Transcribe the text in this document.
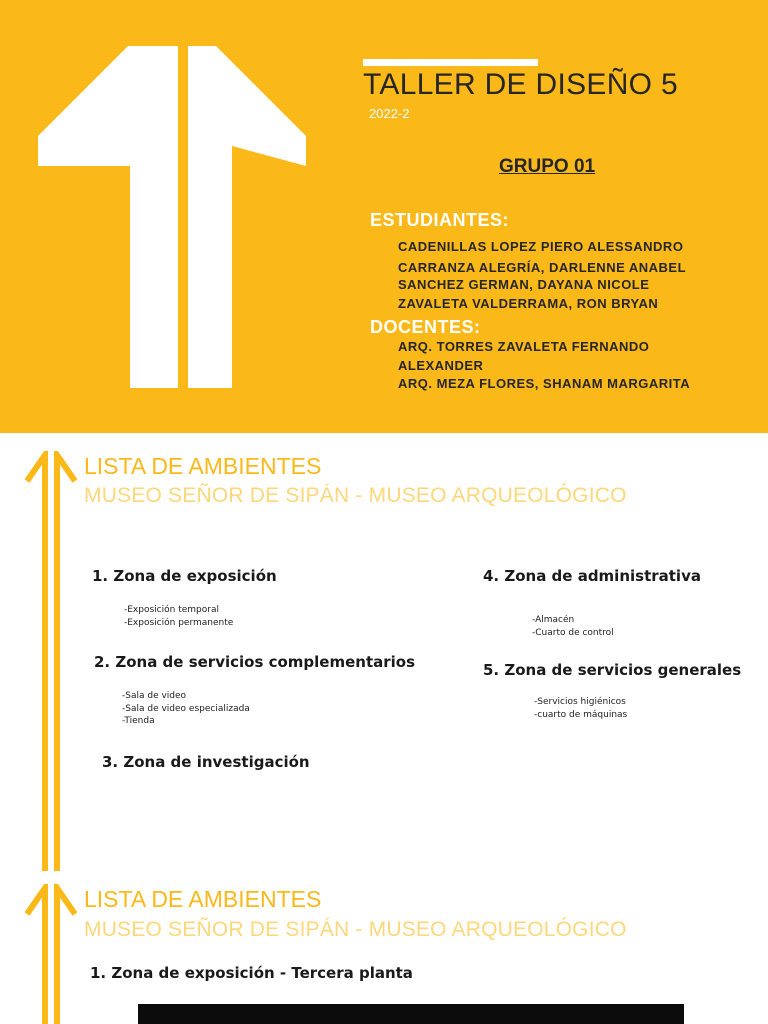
TALLER DE DISEÑO 5
2022-2
GRUPO 01
ESTUDIANTES:
CADENILLAS LOPEZ PIERO ALESSANDRO
CARRANZA ALEGRÍA, DARLENNE ANABEL
SANCHEZ GERMAN, DAYANA NICOLE
ZAVALETA VALDERRAMA, RON BRYAN
DOCENTES:
ARQ. TORRES ZAVALETA FERNANDO
ALEXANDER
ARQ. MEZA FLORES, SHANAM MARGARITA
LISTA DE AMBIENTES
MUSEO SEÑOR DE SIPÁN - MUSEO ARQUEOLÓGICO
1. Zona de exposición
- Exposición temporal
- Exposición permanente
2. Zona de servicios complementarios
- Sala de video
- Sala de video especializada
- Tienda
3. Zona de investigación
4. Zona de administrativa
- Almacén
- Cuarto de control
5. Zona de servicios generales
- Servicios higiénicos
- cuarto de máquinas
LISTA DE AMBIENTES
MUSEO SEÑOR DE SIPÁN - MUSEO ARQUEOLÓGICO
1. Zona de exposición - Tercera planta
